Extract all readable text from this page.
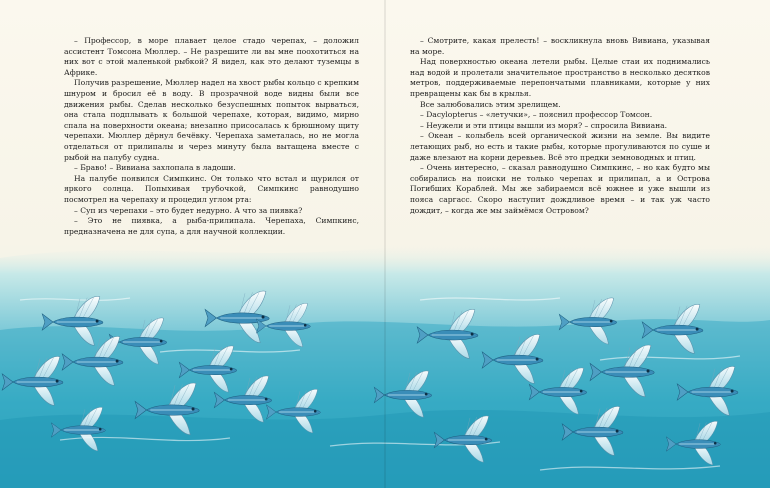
– Профессор, в море плавает целое стадо черепах, – доложил ассистент Томсона Мюллер. – Не разрешите ли вы мне поохотиться на них вот с этой маленькой рыбкой? Я видел, как это делают туземцы в Африке.

Получив разрешение, Мюллер надел на хвост рыбы кольцо с крепким шнуром и бросил её в воду. В прозрачной воде видны были все движения рыбы. Сделав несколько безуспешных попыток вырваться, она стала подплывать к большой черепахе, которая, видимо, мирно спала на поверхности океана; внезапно присосалась к брюшному щиту черепахи. Мюллер дёрнул бечёвку. Черепаха заметалась, но не могла отделаться от прилипалы и через минуту была вытащена вместе с рыбой на палубу судна.

– Браво! – Вивиана захлопала в ладоши.

На палубе появился Симпкинс. Он только что встал и щурился от яркого солнца. Попыхивая трубочкой, Симпкинс равнодушно посмотрел на черепаху и процедил углом рта:

– Суп из черепахи – это будет недурно. А что за пиявка?

– Это не пиявка, а рыба-прилипала. Черепаха, Симпкинс, предназначена не для супа, а для научной коллекции.

– Смотрите, какая прелесть! – воскликнула вновь Вивиана, указывая на море.

Над поверхностью океана летели рыбы. Целые стаи их поднимались над водой и пролетали значительное пространство в несколько десятков метров, поддерживаемые перепончатыми плавниками, которые у них превращены как бы в крылья.

Все залюбовались этим зрелищем.

– Dacylopterus – «летучки», – пояснил профессор Томсон.

– Неужели и эти птицы вышли из моря? – спросила Вивиана.

– Океан – колыбель всей органической жизни на земле. Вы видите летающих рыб, но есть и такие рыбы, которые прогуливаются по суше и даже влезают на корни деревьев. Всё это предки земноводных и птиц.

– Очень интересно, – сказал равнодушно Симпкинс, – но как будто мы собирались на поиски не только черепах и прилипал, а и Острова Погибших Кораблей. Мы же забираемся всё южнее и уже вышли из пояса саргасс. Скоро наступит дождливое время – и так уж часто дождит, – когда же мы займёмся Островом?
